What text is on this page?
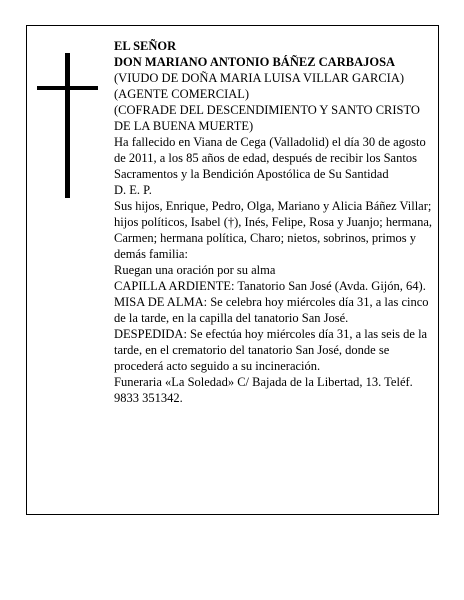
EL SEÑOR

DON MARIANO ANTONIO BÁÑEZ CARBAJOSA

(VIUDO DE DOÑA MARIA LUISA VILLAR GARCIA) (AGENTE COMERCIAL)

(COFRADE DEL DESCENDIMIENTO Y SANTO CRISTO DE LA BUENA MUERTE)

Ha fallecido en Viana de Cega (Valladolid) el día 30 de agosto de 2011, a los 85 años de edad, después de recibir los Santos Sacramentos y la Bendición Apostólica de Su Santidad

D. E. P.

Sus hijos, Enrique, Pedro, Olga, Mariano y Alicia Báñez Villar; hijos políticos, Isabel (†), Inés, Felipe, Rosa y Juanjo; hermana, Carmen; hermana política, Charo; nietos, sobrinos, primos y demás familia:

Ruegan una oración por su alma

CAPILLA ARDIENTE: Tanatorio San José (Avda. Gijón, 64).

MISA DE ALMA: Se celebra hoy miércoles día 31, a las cinco de la tarde, en la capilla del tanatorio San José.

DESPEDIDA: Se efectúa hoy miércoles día 31, a las seis de la tarde, en el crematorio del tanatorio San José, donde se procederá acto seguido a su incineración.

Funeraria «La Soledad» C/ Bajada de la Libertad, 13. Teléf. 9833 351342.
